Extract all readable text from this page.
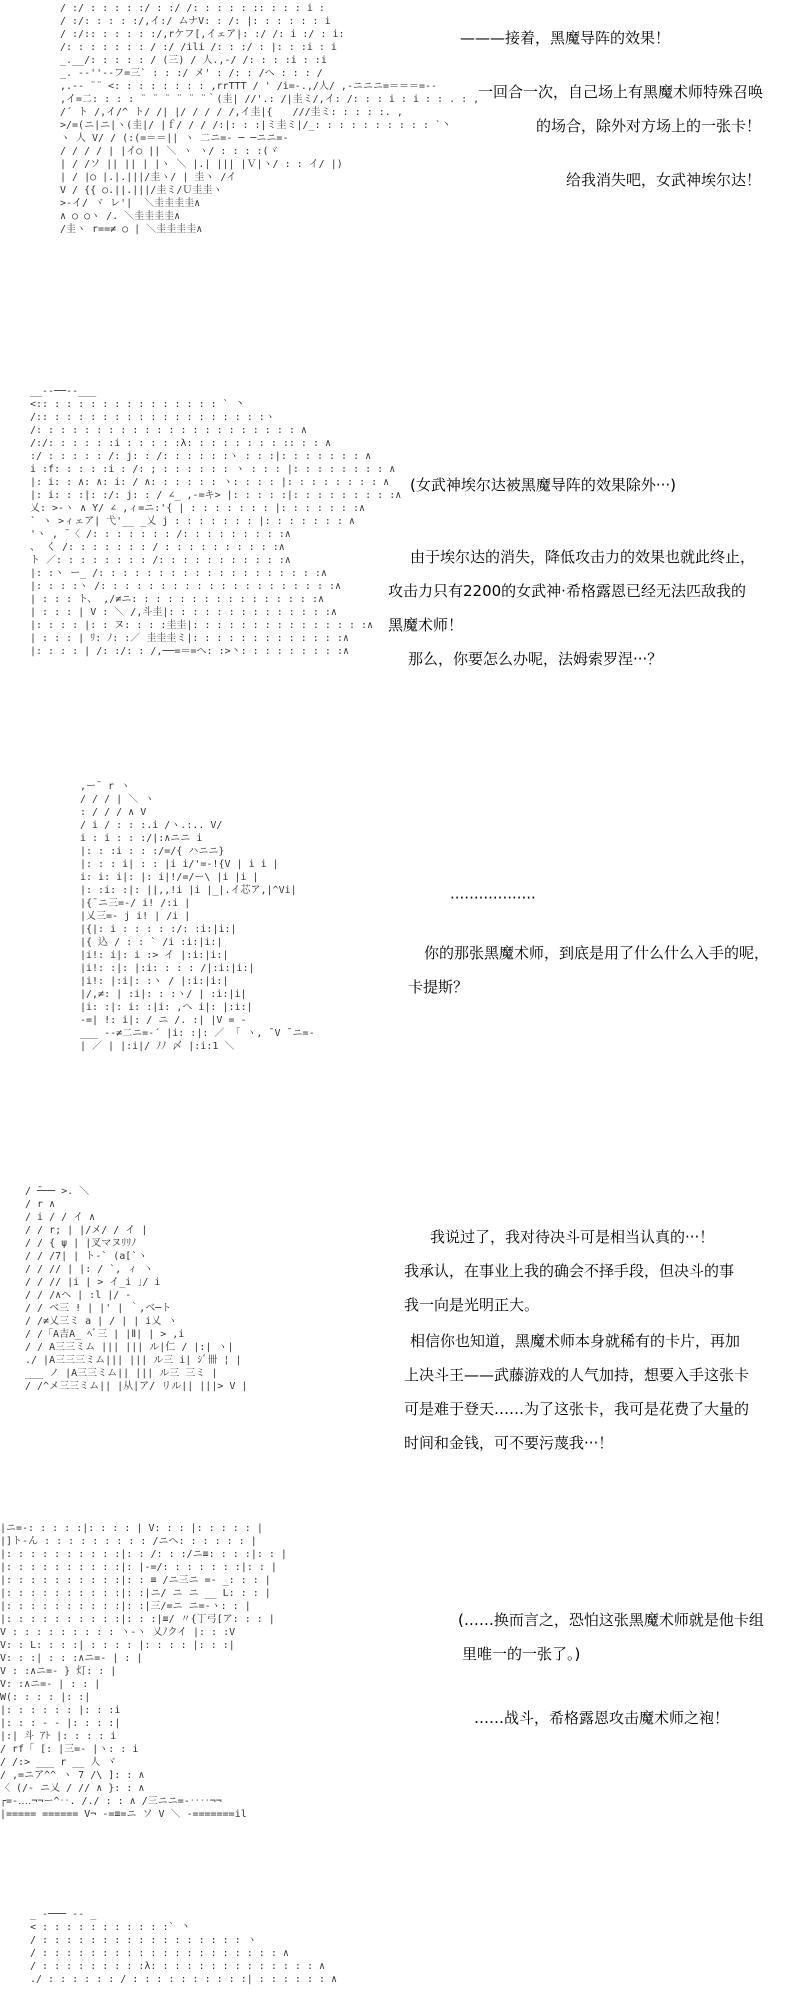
/ :/ : : : : :/ : :/ /: : : : : :: : : : i :
/ :/: : : : :/,イ:/ ムナV: : /: |: : : : : : i
/ :/:: : : : : :/,rケフ[,イェア|: :/ /: i :/ : i:
/: : : : : : : / :/ /ili /: : :/ : |: : :i : i
_.__/: : : : : / (三) / 人.,-/ /: : : :i : :i
_. -‐''--フ=三` : : :/ メ' : /: : /へ : : : /
,.-‐ ¨¨ <: : : : : : : : ,rrTTT / ' /i=‐.,/人/ ,-ニニニ=＝＝＝=‐-
,イ=二: : : : ¨ ¨ ¨ ¨ ¨ ¨｀(圭| //'.: /|圭ミ/,イ: /: : : i : i : : . : ,
/´ ト /,イ/^ ト/ /| |/ / / / /,イ圭|{　　///圭ミ: : : : :. ,
>/=(ニ|ニ|ヽ(圭|/ |ｆ/ / / /:|: : :|ミ圭ミ|/_: : : : : : : : : : `丶
ヽ 人 V/ / (:(=＝＝|| ヽ 二ニ=‐ ─ ─ニニ=-
/ / / / | |イ○ || ＼ ヽ ヽ/ : : : :(ヾ
| / /ソ || || | |ヽ ＼ |.| ||| |Ｖ|ヽ/ : : イ/ |)
| / |○ |.|.|||/圭ヽ/ | 圭ヽ /イ
V / {{ ○.||.|||/圭ミ/Ｕ圭圭ヽ
>‐イ/ ヾ レ'|  ＼圭圭圭圭∧
∧ ○ ○ヽ /. ＼圭圭圭圭∧
/圭ヽ r==≠ ○ | ＼圭圭圭圭∧
———接着，黑魔导阵的效果！
一回合一次，自己场上有黑魔术师特殊召唤
的场合，除外对方场上的一张卡！
给我消失吧，女武神埃尔达！
__-‐──--___
<:: : : : : : : : : : : : : : : ` 丶
/:: : : : : : : : : : : : : : : : : : :ヽ
/: : : : : : : : : : : : : : : : : : : : : : ∧
/:/: : : : : :i : : : : :λ: : : : : : : : :: : : ∧
:/ : : : : : /: j: : /: : : : : :ヽ : : :|: : : : : : : ∧
i :f: : : : :i : /: ; : : : : : : ヽ : : : |: : : : : : : : ∧
|: i: : ∧: ∧: i: / ∧: : : : : : ヽ: : : : |: : : : : : : : ∧
|: i: : :|: :/: j: : / ∠_ ,-=キ> |: : : : :|: : : : : : : : :∧
乂: >-ヽ ∧ Y/ ∠ ,ィ=ニ:'{ | : : : : : : : |: : : : : : :∧
` ヽ >ィェア| 弋'__ _乂 j : : : : : : : |: : : : : : : ∧
'ヽ , ̄ 〈 /: : : : : : : /: : : : : : : : :∧
、 く /: : : : : : : / : : : : : : : : : :∧
ト ／: : : : : : : : /: : : : : : : : : : :∧
|: :ヽ ー_ /: : : : : : : : : : : : : : : : : : :∧
|: : : :ヽ /: : : : : : : : : : : : : : : : : : : :∧
| : : : ト、 ,/≠ニ: : : : : : : : : : : : : : : :∧
| : : : | V : ＼ /,斗圭|: : : : : : : : : : : : : :∧
|: : : : |: : ヌ: : : :圭圭|: : : : : : : : : : : : : : :∧
| : : : | ﾘ: ﾉ: :／ 圭圭圭ミ|: : : : : : : : : : : : :∧
|: : : : | /: :/: : /,──=＝=へ: :>丶: : : : : : : : :∧
(女武神埃尔达被黑魔导阵的效果除外···)
由于埃尔达的消失，降低攻击力的效果也就此终止，
攻击力只有2200的女武神·希格露恩已经无法匹敌我的
黑魔术师！
那么，你要怎么办呢，法姆索罗涅···？
,ー¯ r ヽ
/ / / | ＼ ヽ
: / / / ∧ V
/ i / : : :.i /ヽ.:.. V/
i : i : : :/|:∧ニニ i
|: : :i : : :/=/{ ハニニ}
|: : : i| : : |i i/'=-!{V | i i |
i: i: i|: |: i|!/=/ー\ |i |i |
|: :i: :|: ||,,!i |i |_|.イ芯ア,|^Vi|
|{¯ニ三=-/ i! /:i |
|乂三=‐ j i! | /i |
|{|: i : : : : :/: :i:|i:|
|{ 込 / : : ` /i :i:|i:|
|i!: i|: i :> イ |:i:|i:|
|i!: :|: |:i: : : : /|:i:|i:|
|i!: |:i|: :ヽ / |:i:|i:|
|/,≠: | :i|: : :ヽ/ | :i:|i|
|i: :|: i: :|i: ,へ i|: |:i:|
-=| !: i|: / ニ /. :| |V = -
___ --≠二ニ=-´ |i: :|: ／ 「 ヽ, ¯V ̄ ニ=-
| ／ | |:i|/ ﾉﾉ 〆 |:i:1 ＼
··················
你的那张黑魔术师，到底是用了什么什么入手的呢，
卡提斯？
/ ̄─── >. ＼
/ r ∧
/ i / / イ ∧
/ / r; | |/メ/ / イ |
/ / { ψ | |叉マヌﾘﾘﾉ
/ / /7| | ト-` (a[`ヽ
/ / // | |: / `, ィ ヽ
/ / // |i | > イ_i ｣/ i
/ / /∧ヘ | :l |/ -
/ / ベ三 ! | |' | ｀,ベ─ト
/ /≠乂三ミ a | / | | i乂 ヽ
/ /「A吉A_ ﾍﾞ三 | |Ⅱ| | > ,i
/ / A三三ミム ||| ||| ル|仁 / |:| ヽ|
./ |A三三三ミム||| ||| ル三 i| ｼﾞ卌 ¦ |
___ ノ |A三三ミム|| ||| ル三 三ミ |
/ /^メ三三ミム|| |从|ア/ リル|| |||> V |
我说过了，我对待决斗可是相当认真的···！
我承认，在事业上我的确会不择手段，但决斗的事
我一向是光明正大。
相信你也知道，黑魔术师本身就稀有的卡片，再加
上决斗王——武藤游戏的人气加持，想要入手这张卡
可是难于登天……为了这张卡，我可是花费了大量的
时间和金钱，可不要污蔑我···！
|ニ=-: : : : :|: : : : | V: : : |: : : : : |
|]ト-ん : : : : : : : : : /ニへ: : : : : : |
|: : : : : : : : : :|: : /: : :/ニ≡: : : :|: : |
|: : : : : : : : : :|: |-=/: : : : : : :|: : |
|: : : : : : : : : :|: : ≡ /ニ三ニ =‐ _: : : |
|: : : : : : : : : :|: :|ニ/ ニ ニ __ L: : : |
|: : : : : : : : : :|: :|三/=ニ ニ=-ヽ: : |
|: : : : : : : : : :|: : :|≡/ 〃{丁弓[ア: : : |
V : : : : : : : : : ヽ-ヽ 乂ﾉクイ |: : :V
V: : L: : : :| : : : : |: : : : |: : :|
V: : :| : : :∧ニ=- | : |
V : :∧ニ=- } 灯: : |
V: :∧ニ=- | : : |
W(: : : : |: :|
|: : : : : : |: : :i
|: : : - - |: : : :|
|:| 斗 ｱﾄ |: : : : i
/ rf「 [: |三=- |ヽ: : i
/ /:> ___ r __ 人 ヾ
/ ,=ニア^^ ヽ 7 /\ ]: : ∧
〈 (/‐ ニ乂 / // ∧ }: : ∧
┌=-‥‥¬¬ー^‥. /./ : : ∧ /三ニニ=‐‥‥¬¬
|===== ====== V¬ ‐=≡=ニ ソ V ＼ -=======il
(……换而言之，恐怕这张黑魔术师就是他卡组
里唯一的一张了。)
……战斗，希格露恩攻击魔术师之袍！
_ -─── -- _
< : : : : : : : : : : :` 丶
/ : : : : : : : : : : : : : : : : : ヽ
/ : : : : : : : : : : : : : : : : : : : : ∧
/ : : : : : : : : :λ: : : : : : : : : : : : : : ∧
./ : : : : : : / : : : : : : : : : :| : : : : : : ∧
